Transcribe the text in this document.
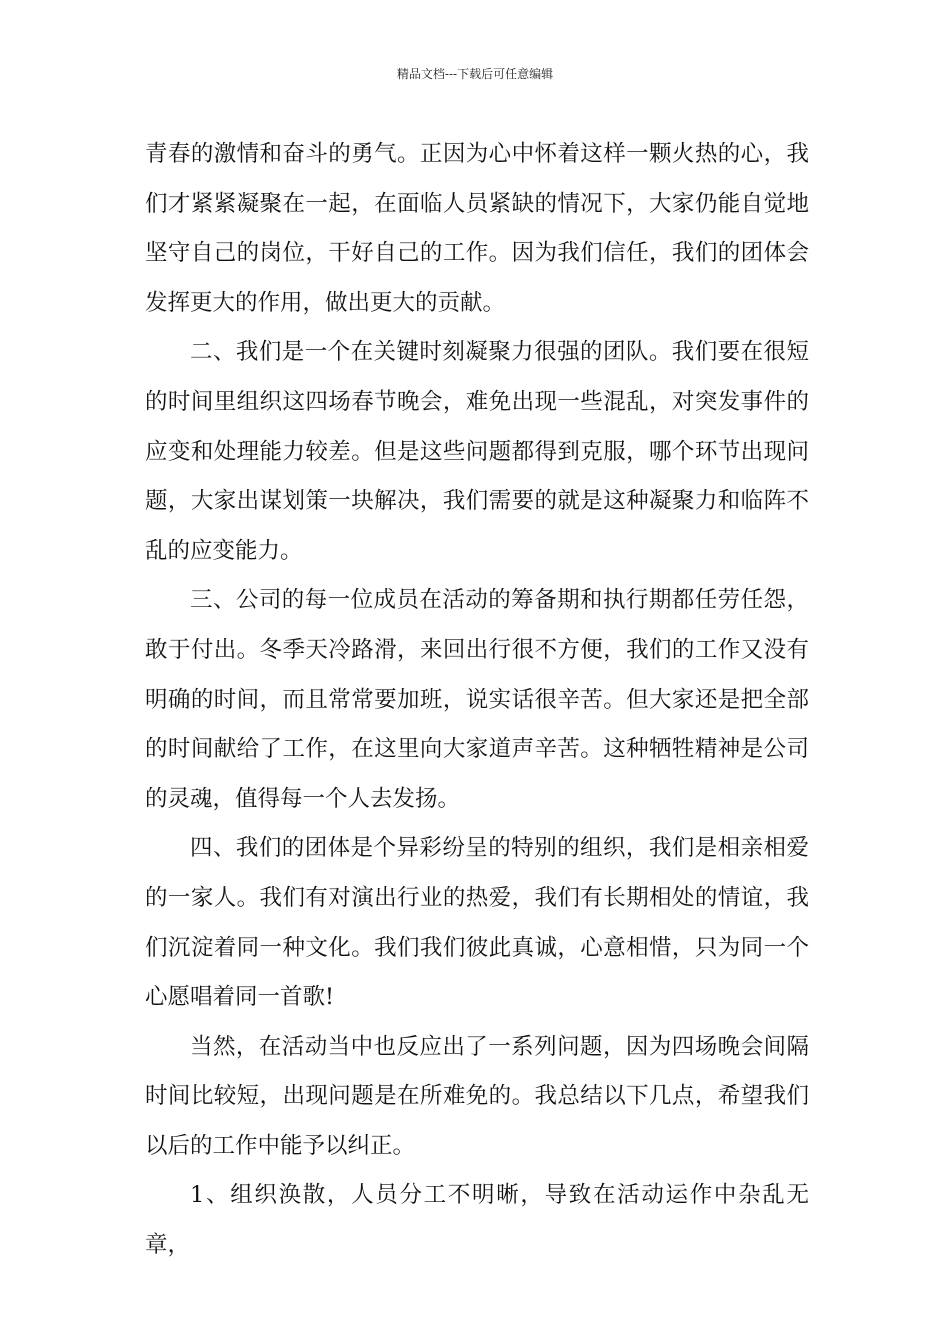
精品文档---下载后可任意编辑

青春的激情和奋斗的勇气。正因为心中怀着这样一颗火热的心，我们才紧紧凝聚在一起，在面临人员紧缺的情况下，大家仍能自觉地坚守自己的岗位，干好自己的工作。因为我们信任，我们的团体会发挥更大的作用，做出更大的贡献。

二、我们是一个在关键时刻凝聚力很强的团队。我们要在很短的时间里组织这四场春节晚会，难免出现一些混乱，对突发事件的应变和处理能力较差。但是这些问题都得到克服，哪个环节出现问题，大家出谋划策一块解决，我们需要的就是这种凝聚力和临阵不乱的应变能力。

三、公司的每一位成员在活动的筹备期和执行期都任劳任怨，敢于付出。冬季天冷路滑，来回出行很不方便，我们的工作又没有明确的时间，而且常常要加班，说实话很辛苦。但大家还是把全部的时间献给了工作，在这里向大家道声辛苦。这种牺牲精神是公司的灵魂，值得每一个人去发扬。

四、我们的团体是个异彩纷呈的特别的组织，我们是相亲相爱的一家人。我们有对演出行业的热爱，我们有长期相处的情谊，我们沉淀着同一种文化。我们我们彼此真诚，心意相惜，只为同一个心愿唱着同一首歌!

当然，在活动当中也反应出了一系列问题，因为四场晚会间隔时间比较短，出现问题是在所难免的。我总结以下几点，希望我们以后的工作中能予以纠正。

1、组织涣散，人员分工不明晰，导致在活动运作中杂乱无章，
